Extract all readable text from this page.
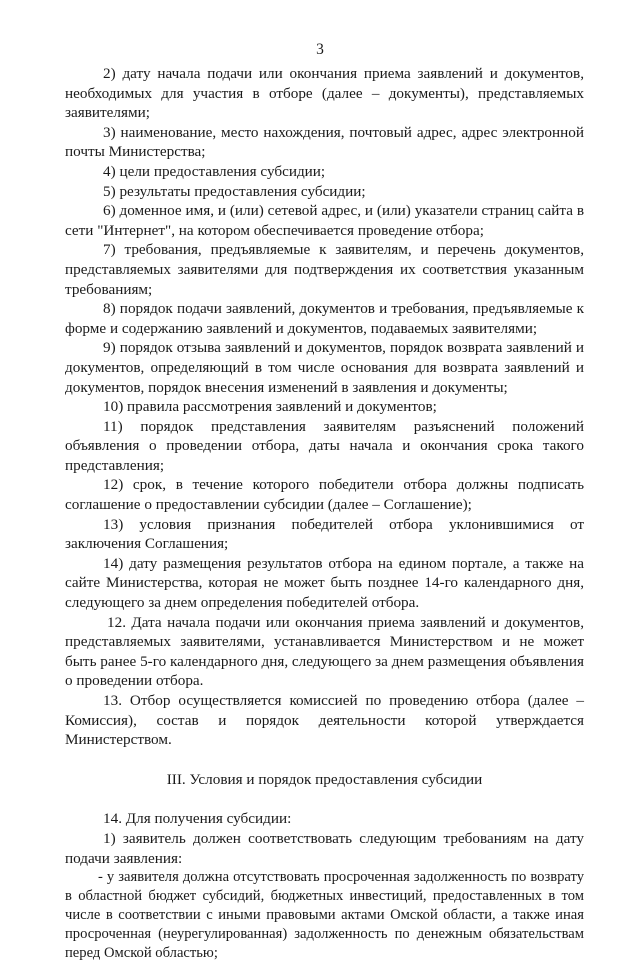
3

2) дату начала подачи или окончания приема заявлений и документов, необходимых для участия в отборе (далее – документы), представляемых заявителями;

3) наименование, место нахождения, почтовый адрес, адрес электронной почты Министерства;

4) цели предоставления субсидии;

5) результаты предоставления субсидии;

6) доменное имя, и (или) сетевой адрес, и (или) указатели страниц сайта в сети "Интернет", на котором обеспечивается проведение отбора;

7) требования, предъявляемые к заявителям, и перечень документов, представляемых заявителями для подтверждения их соответствия указанным требованиям;

8) порядок подачи заявлений, документов и требования, предъявляемые к форме и содержанию заявлений и документов, подаваемых заявителями;

9) порядок отзыва заявлений и документов, порядок возврата заявлений и документов, определяющий в том числе основания для возврата заявлений и документов, порядок внесения изменений в заявления и документы;

10) правила рассмотрения заявлений и документов;

11) порядок представления заявителям разъяснений положений объявления о проведении отбора, даты начала и окончания срока такого представления;

12) срок, в течение которого победители отбора должны подписать соглашение о предоставлении субсидии (далее – Соглашение);

13) условия признания победителей отбора уклонившимися от заключения Соглашения;

14) дату размещения результатов отбора на едином портале, а также на сайте Министерства, которая не может быть позднее 14-го календарного дня, следующего за днем определения победителей отбора.

12. Дата начала подачи или окончания приема заявлений и документов, представляемых заявителями, устанавливается Министерством и не может быть ранее 5-го календарного дня, следующего за днем размещения объявления о проведении отбора.

13. Отбор осуществляется комиссией по проведению отбора (далее – Комиссия), состав и порядок деятельности которой утверждается Министерством.

III. Условия и порядок предоставления субсидии

14. Для получения субсидии:

1) заявитель должен соответствовать следующим требованиям на дату подачи заявления:

- у заявителя должна отсутствовать просроченная задолженность по возврату в областной бюджет субсидий, бюджетных инвестиций, предоставленных в том числе в соответствии с иными правовыми актами Омской области, а также иная просроченная (неурегулированная) задолженность по денежным обязательствам перед Омской областью;
